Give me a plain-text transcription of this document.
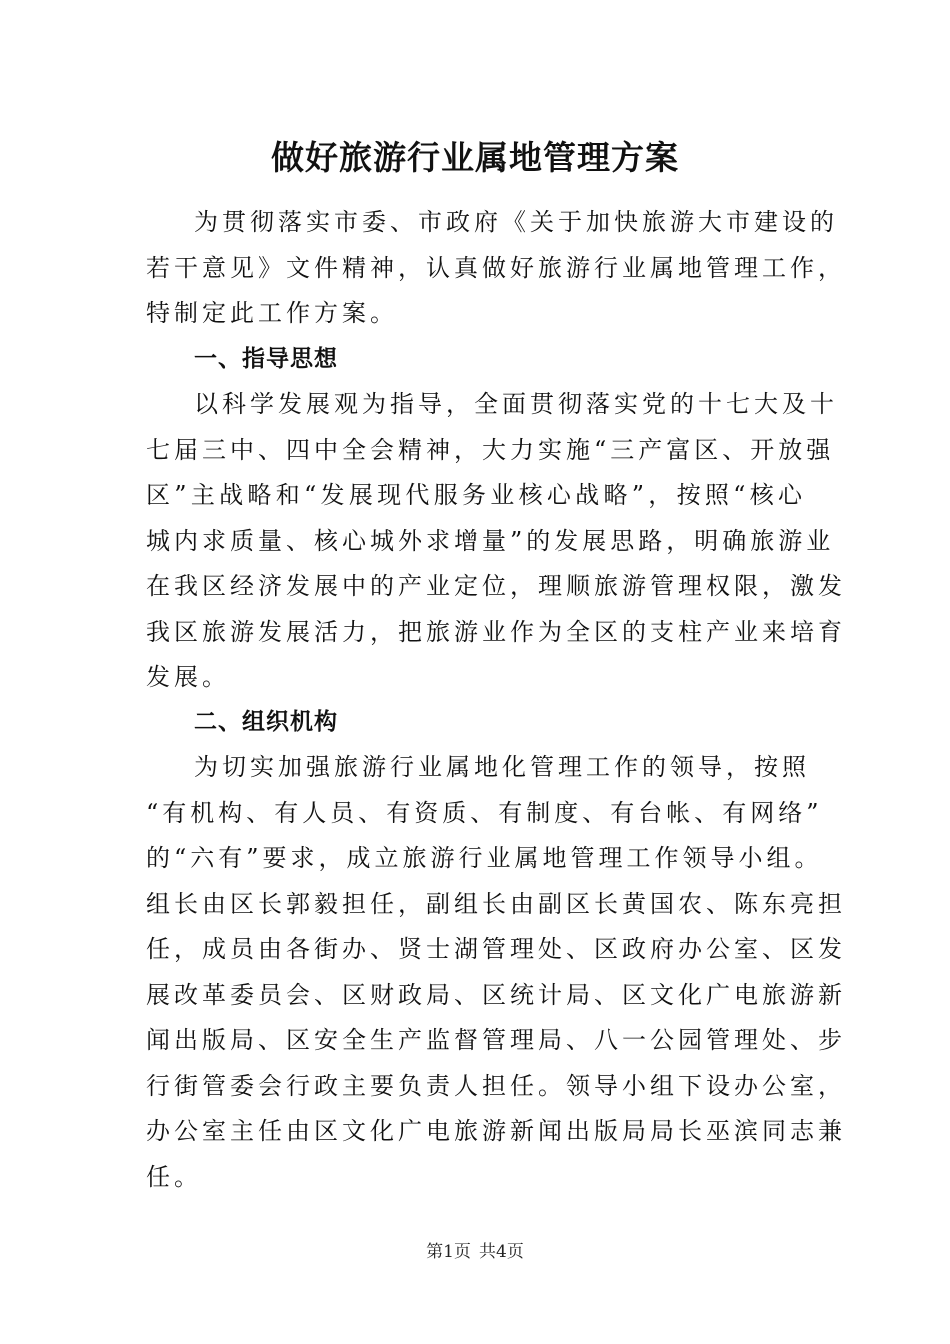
做好旅游行业属地管理方案

为贯彻落实市委、市政府《关于加快旅游大市建设的
若干意见》文件精神，认真做好旅游行业属地管理工作，
特制定此工作方案。

一、指导思想

以科学发展观为指导，全面贯彻落实党的十七大及十
七届三中、四中全会精神，大力实施“三产富区、开放强
区”主战略和“发展现代服务业核心战略”，按照“核心
城内求质量、核心城外求增量”的发展思路，明确旅游业
在我区经济发展中的产业定位，理顺旅游管理权限，激发
我区旅游发展活力，把旅游业作为全区的支柱产业来培育
发展。

二、组织机构

为切实加强旅游行业属地化管理工作的领导，按照
“有机构、有人员、有资质、有制度、有台帐、有网络”
的“六有”要求，成立旅游行业属地管理工作领导小组。
组长由区长郭毅担任，副组长由副区长黄国农、陈东亮担
任，成员由各街办、贤士湖管理处、区政府办公室、区发
展改革委员会、区财政局、区统计局、区文化广电旅游新
闻出版局、区安全生产监督管理局、八一公园管理处、步
行街管委会行政主要负责人担任。领导小组下设办公室，
办公室主任由区文化广电旅游新闻出版局局长巫滨同志兼
任。

第1页 共4页
